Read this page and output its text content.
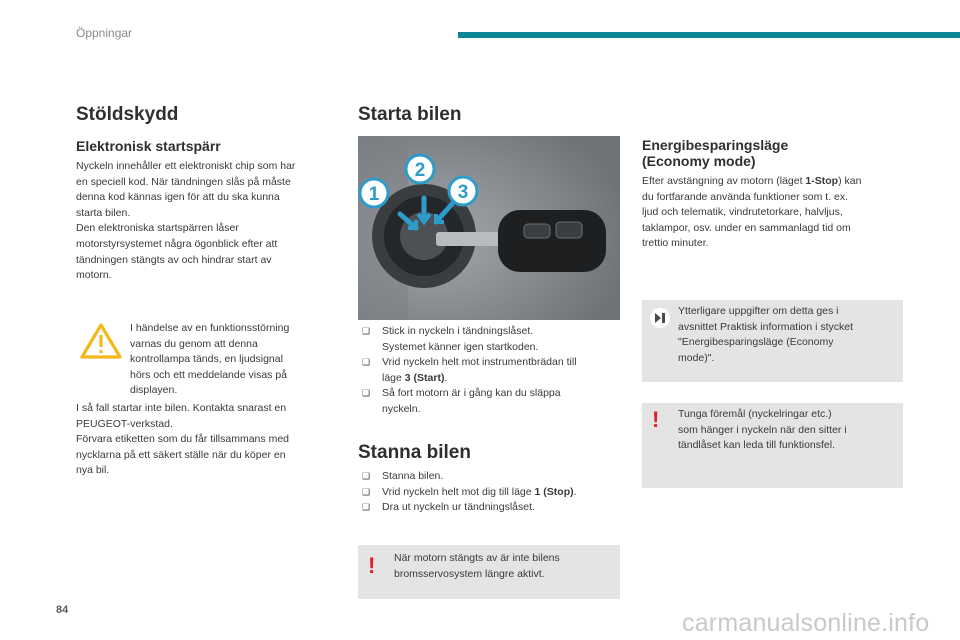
Öppningar
Stöldskydd
Elektronisk startspärr
Nyckeln innehåller ett elektroniskt chip som har
en speciell kod. När tändningen slås på måste
denna kod kännas igen för att du ska kunna
starta bilen.
Den elektroniska startspärren låser
motorstyrsystemet några ögonblick efter att
tändningen stängts av och hindrar start av
motorn.
I händelse av en funktionsstörning
varnas du genom att denna
kontrollampa tänds, en ljudsignal
hörs och ett meddelande visas på
displayen.
I så fall startar inte bilen. Kontakta snarast en
PEUGEOT-verkstad.
Förvara etiketten som du får tillsammans med
nycklarna på ett säkert ställe när du köper en
nya bil.
Starta bilen
1
2
3
❑ Stick in nyckeln i tändningslåset.
Systemet känner igen startkoden.
❑ Vrid nyckeln helt mot instrumentbrädan till
läge 3 (Start).
❑ Så fort motorn är i gång kan du släppa
nyckeln.
Stanna bilen
❑ Stanna bilen.
❑ Vrid nyckeln helt mot dig till läge 1 (Stop).
❑ Dra ut nyckeln ur tändningslåset.
! När motorn stängts av är inte bilens
bromsservosystem längre aktivt.
Energibesparingsläge
(Economy mode)
Efter avstängning av motorn (läget 1-Stop) kan
du fortfarande använda funktioner som t. ex.
ljud och telematik, vindrutetorkare, halvljus,
taklampor, osv. under en sammanlagd tid om
trettio minuter.
Ytterligare uppgifter om detta ges i
avsnittet Praktisk information i stycket
"Energibesparingsläge (Economy
mode)".
! Tunga föremål (nyckelringar etc.)
som hänger i nyckeln när den sitter i
tändlåset kan leda till funktionsfel.
84	carmanualsonline.info
